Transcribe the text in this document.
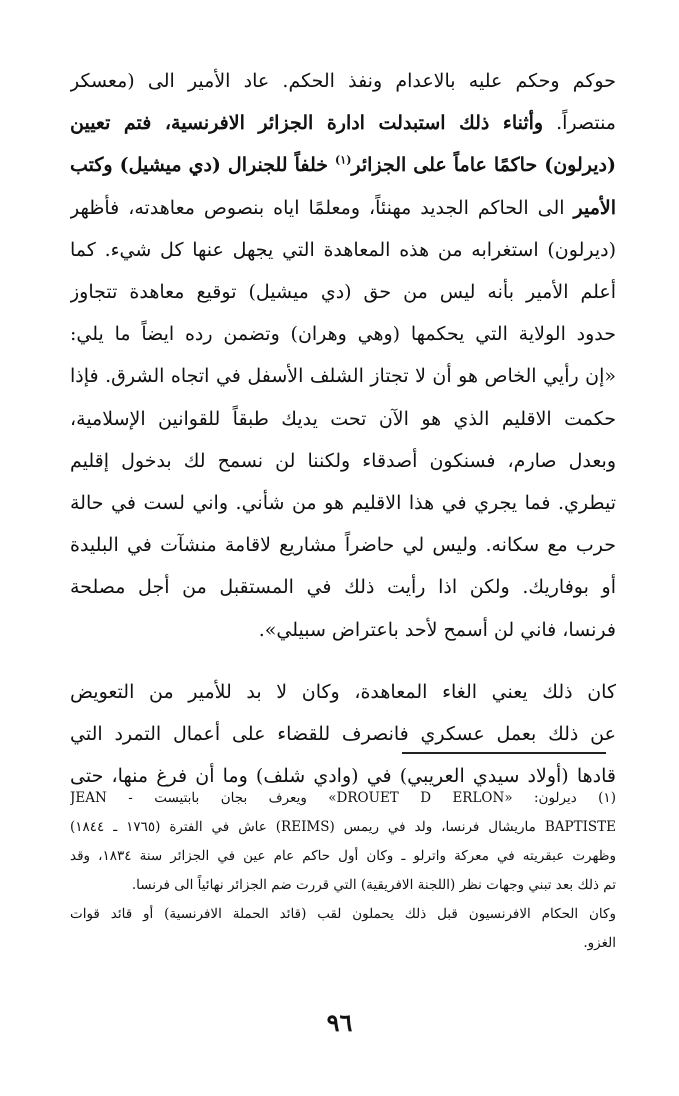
حوكم وحكم عليه بالاعدام ونفذ الحكم. عاد الأمير الى (معسكر
منتصراً. وأثناء ذلك استبدلت ادارة الجزائر الافرنسية، فتم تعيين
(ديرلون) حاكمًا عاماً على الجزائر$^{(١)}$ خلفاً للجنرال (دي ميشيل) وكتب
الأمير الى الحاكم الجديد مهنئاً، ومعلمًا اياه بنصوص معاهدته، فأظهر
(ديرلون) استغرابه من هذه المعاهدة التي يجهل عنها كل شيء. كما
أعلم الأمير بأنه ليس من حق (دي ميشيل) توقيع معاهدة تتجاوز
حدود الولاية التي يحكمها (وهي وهران) وتضمن رده ايضاً ما يلي:
«إن رأيي الخاص هو أن لا تجتاز الشلف الأسفل في اتجاه الشرق. فإذا
حكمت الاقليم الذي هو الآن تحت يديك طبقاً للقوانين الإسلامية،
وبعدل صارم، فسنكون أصدقاء ولكننا لن نسمح لك بدخول إقليم
تيطري. فما يجري في هذا الاقليم هو من شأني. واني لست في حالة
حرب مع سكانه. وليس لي حاضراً مشاريع لاقامة منشآت في البليدة
أو بوفاريك. ولكن اذا رأيت ذلك في المستقبل من أجل مصلحة
فرنسا، فاني لن أسمح لأحد باعتراض سبيلي».
كان ذلك يعني الغاء المعاهدة، وكان لا بد للأمير من التعويض
عن ذلك بعمل عسكري فانصرف للقضاء على أعمال التمرد التي
قادها (أولاد سيدي العريبي) في (وادي شلف) وما أن فرغ منها، حتى
(١) ديرلون: «DROUET D ERLON» ويعرف بجان بابتيست - JEAN
BAPTISTE ماريشال فرنسا، ولد في ريمس (REIMS) عاش في الفترة (١٧٦٥ ـ ١٨٤٤)
وظهرت عبقريته في معركة واترلو ـ وكان أول حاكم عام عين في الجزائر سنة ١٨٣٤، وقد
تم ذلك بعد تبني وجهات نظر (اللجنة الافريقية) التي قررت ضم الجزائر نهائياً الى فرنسا.
وكان الحكام الافرنسيون قبل ذلك يحملون لقب (قائد الحملة الافرنسية) أو قائد قوات
الغزو.
٩٦
